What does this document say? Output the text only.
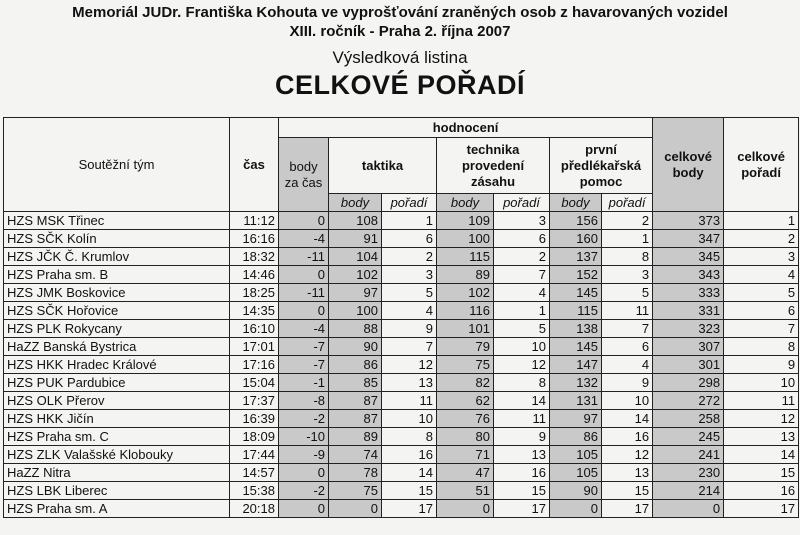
Memoriál JUDr. Františka Kohouta ve vyprošťování zraněných osob z havarovaných vozidel
XIII. ročník - Praha 2. října 2007
Výsledková listina
CELKOVÉ POŘADÍ
Soutěžní tým	čas	hodnocení							celkové body	celkové pořadí
		body za čas	taktika		technika provedení zásahu		první předlékařská pomoc			
			body	pořadí	body	pořadí	body	pořadí		
HZS MSK Třinec	11:12	0	108	1	109	3	156	2	373	1
HZS SČK Kolín	16:16	-4	91	6	100	6	160	1	347	2
HZS JČK Č. Krumlov	18:32	-11	104	2	115	2	137	8	345	3
HZS Praha sm. B	14:46	0	102	3	89	7	152	3	343	4
HZS JMK Boskovice	18:25	-11	97	5	102	4	145	5	333	5
HZS SČK Hořovice	14:35	0	100	4	116	1	115	11	331	6
HZS PLK Rokycany	16:10	-4	88	9	101	5	138	7	323	7
HaZZ Banská Bystrica	17:01	-7	90	7	79	10	145	6	307	8
HZS HKK Hradec Králové	17:16	-7	86	12	75	12	147	4	301	9
HZS PUK Pardubice	15:04	-1	85	13	82	8	132	9	298	10
HZS OLK Přerov	17:37	-8	87	11	62	14	131	10	272	11
HZS HKK Jičín	16:39	-2	87	10	76	11	97	14	258	12
HZS Praha sm. C	18:09	-10	89	8	80	9	86	16	245	13
HZS ZLK Valašské Klobouky	17:44	-9	74	16	71	13	105	12	241	14
HaZZ Nitra	14:57	0	78	14	47	16	105	13	230	15
HZS LBK Liberec	15:38	-2	75	15	51	15	90	15	214	16
HZS Praha sm. A	20:18	0	0	17	0	17	0	17	0	17
